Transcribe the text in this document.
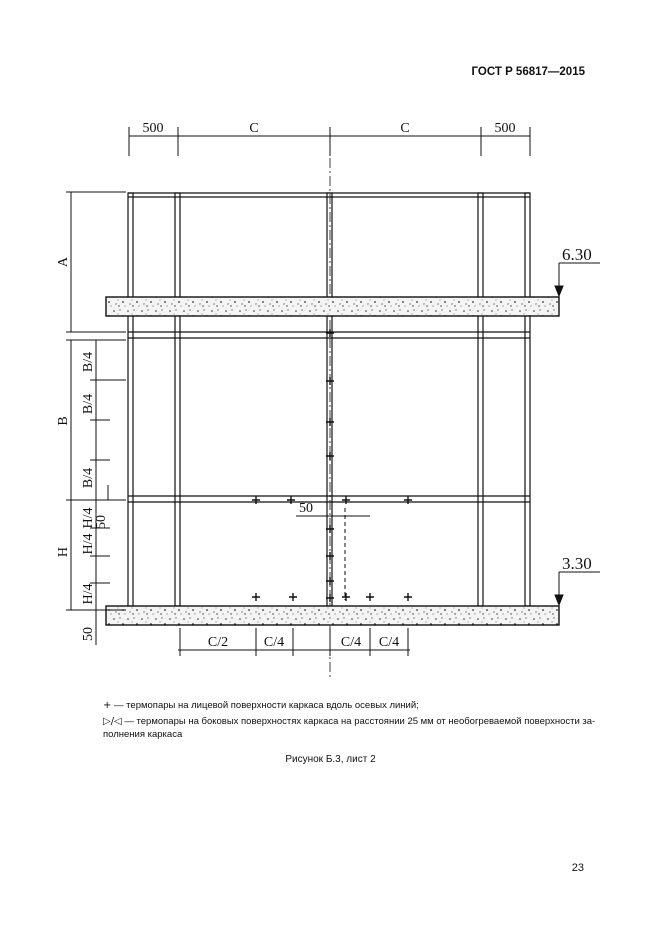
ГОСТ Р 56817—2015
500	C	C	500
6.30
3.30
A
B
B/4
B/4
B/4
H
H/4
H/4
H/4
50
50
50
C/2	C/4	C/4 C/4
+ — термопары на лицевой поверхности каркаса вдоль осевых линий;
▷/◁ — термопары на боковых поверхностях каркаса на расстоянии 25 мм от необогреваемой поверхности за-
полнения каркаса
Рисунок Б.3, лист 2
23
